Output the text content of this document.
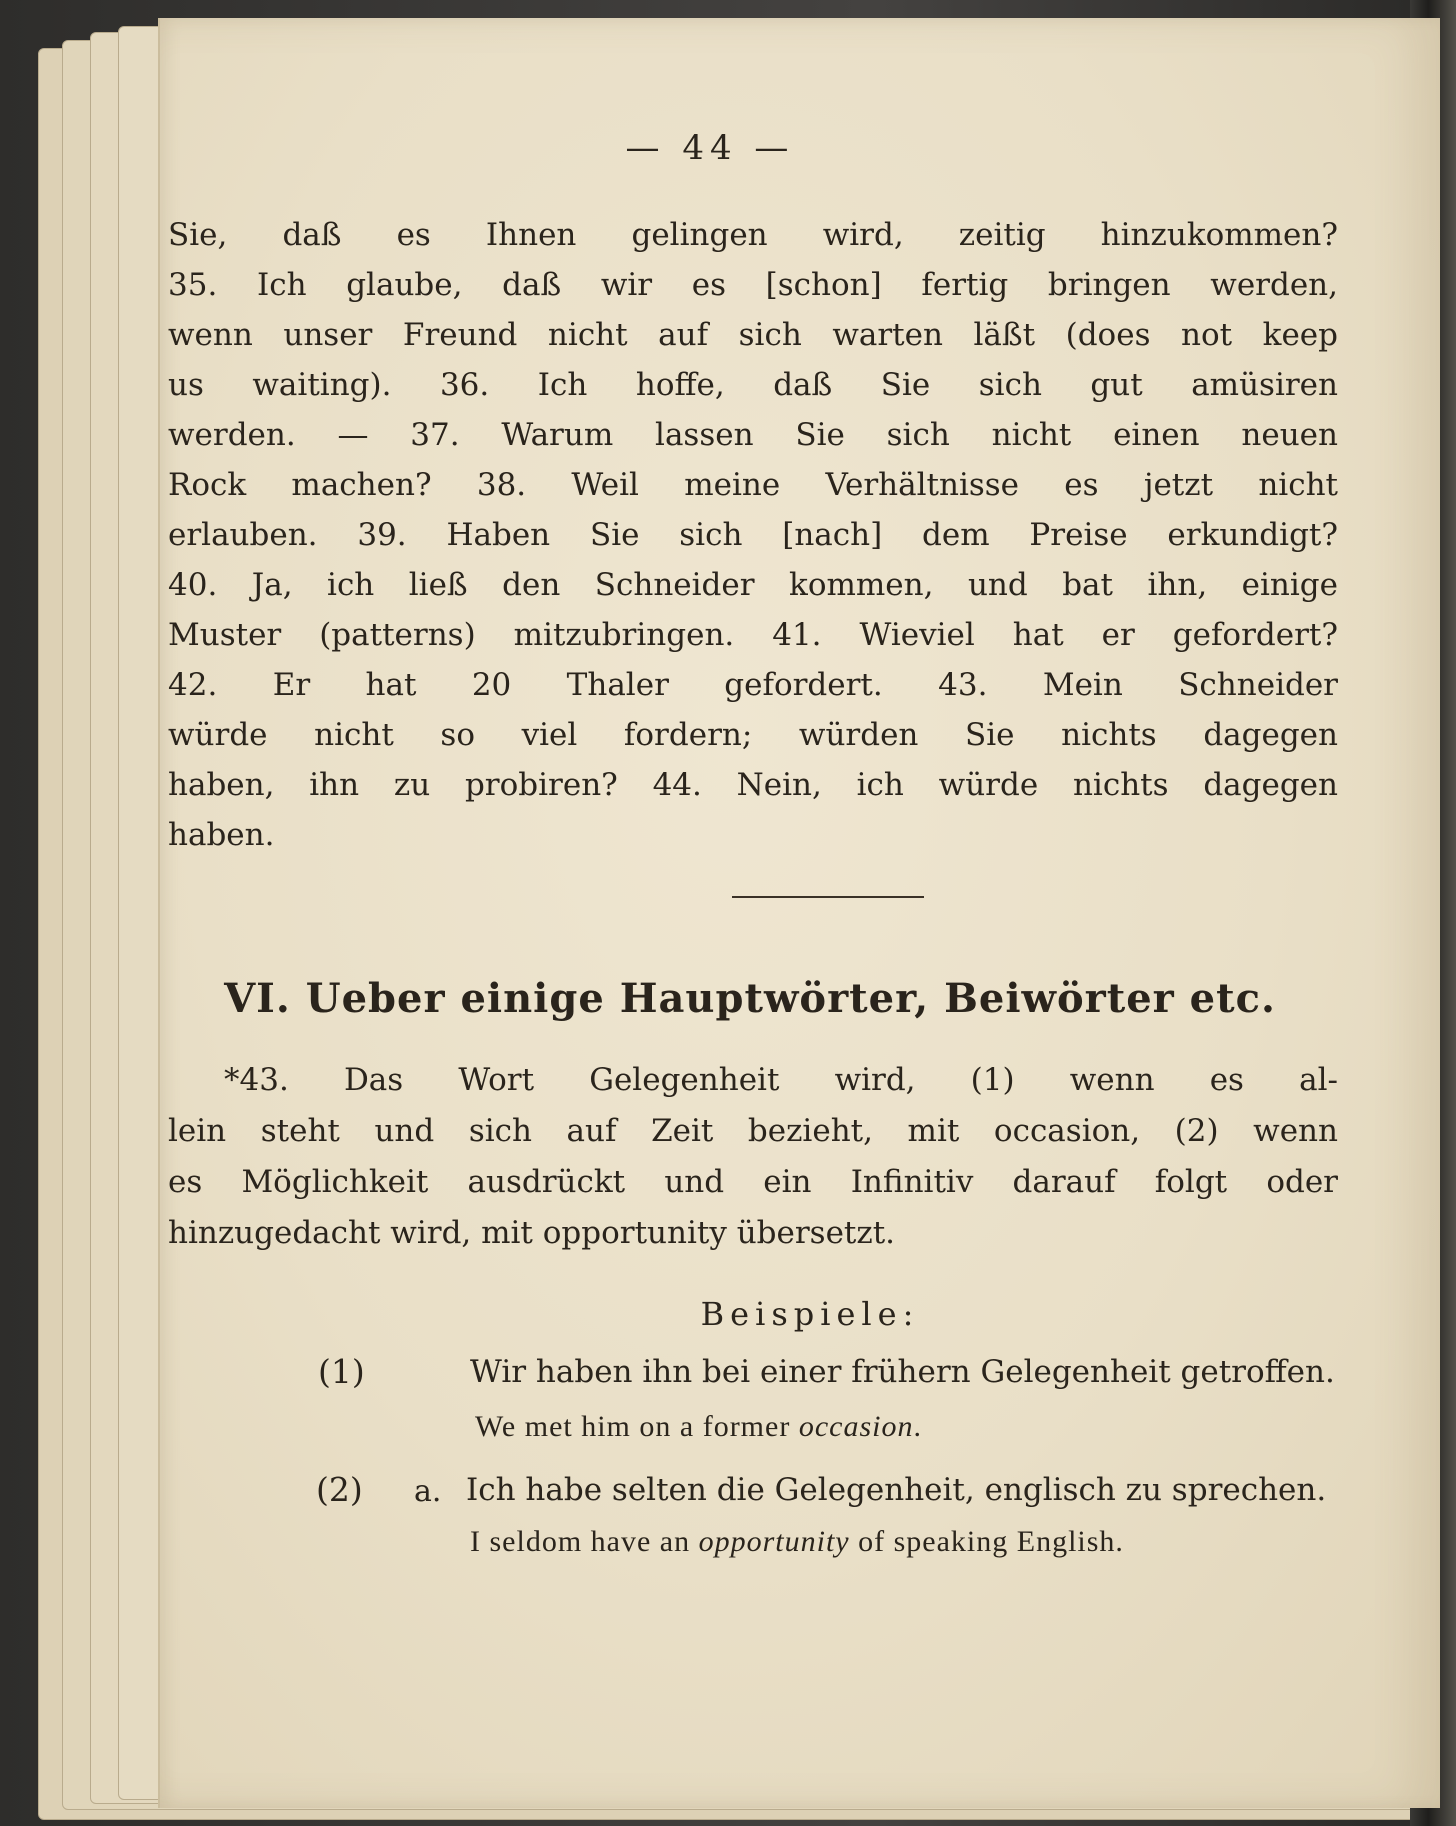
— 44 —
Sie, daß es Ihnen gelingen wird, zeitig hinzukommen?
35. Ich glaube, daß wir es [schon] fertig bringen werden,
wenn unser Freund nicht auf sich warten läßt (does not keep
us waiting). 36. Ich hoffe, daß Sie sich gut amüsiren
werden. — 37. Warum lassen Sie sich nicht einen neuen
Rock machen? 38. Weil meine Verhältnisse es jetzt nicht
erlauben. 39. Haben Sie sich [nach] dem Preise erkundigt?
40. Ja, ich ließ den Schneider kommen, und bat ihn, einige
Muster (patterns) mitzubringen. 41. Wieviel hat er gefordert?
42. Er hat 20 Thaler gefordert. 43. Mein Schneider
würde nicht so viel fordern; würden Sie nichts dagegen
haben, ihn zu probiren? 44. Nein, ich würde nichts dagegen
haben.
VI. Ueber einige Hauptwörter, Beiwörter etc.
*43. Das Wort Gelegenheit wird, (1) wenn es al-
lein steht und sich auf Zeit bezieht, mit occasion, (2) wenn
es Möglichkeit ausdrückt und ein Infinitiv darauf folgt oder
hinzugedacht wird, mit opportunity übersetzt.
Beispiele:
(1)	Wir haben ihn bei einer frühern Gelegenheit getroffen.
We met him on a former occasion.
(2) a. Ich habe selten die Gelegenheit, englisch zu sprechen.
I seldom have an opportunity of speaking English.
